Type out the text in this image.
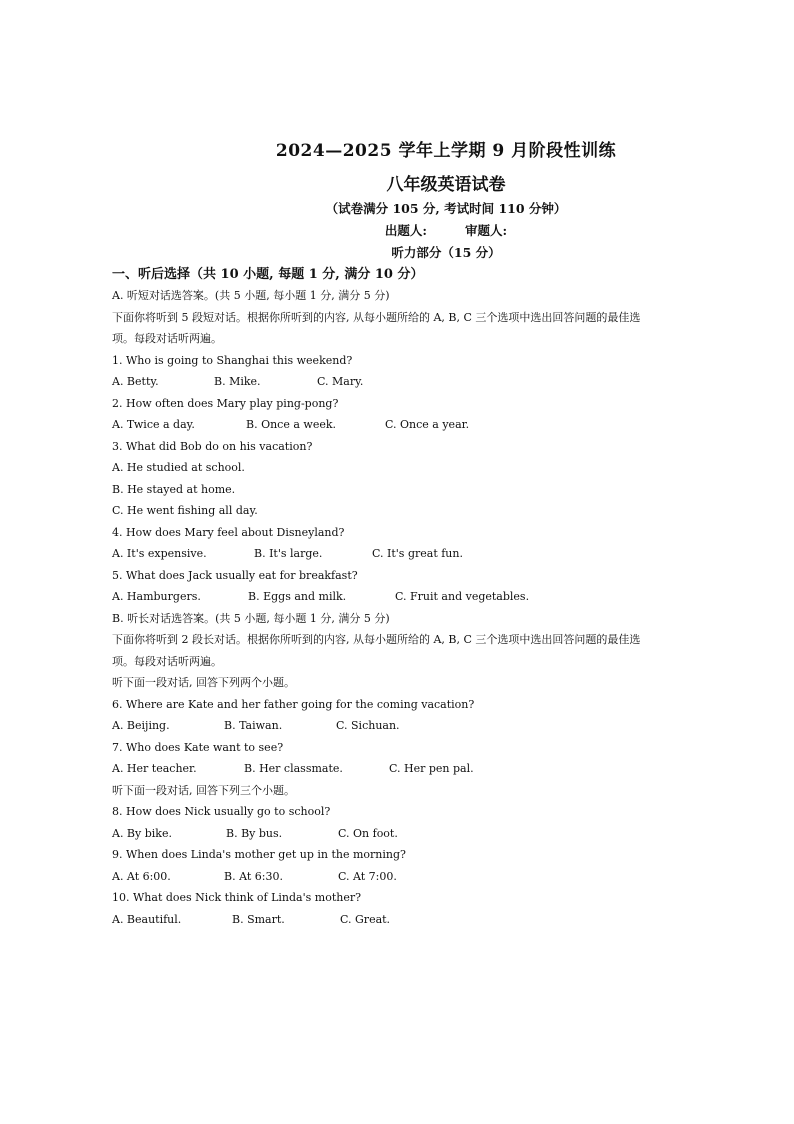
2024—2025 学年上学期 9 月阶段性训练
八年级英语试卷
（试卷满分 105 分, 考试时间 110 分钟）
出题人:	审题人:
听力部分（15 分）
一、听后选择（共 10 小题, 每题 1 分, 满分 10 分）
A. 听短对话选答案。(共 5 小题, 每小题 1 分, 满分 5 分)
下面你将听到 5 段短对话。根据你所听到的内容, 从每小题所给的 A, B, C 三个选项中选出回答问题的最佳选
项。每段对话听两遍。
1. Who is going to Shanghai this weekend?
A. Betty.	B. Mike.	C. Mary.
2. How often does Mary play ping-pong?
A. Twice a day.	B. Once a week.	C. Once a year.
3. What did Bob do on his vacation?
A. He studied at school.
B. He stayed at home.
C. He went fishing all day.
4. How does Mary feel about Disneyland?
A. It's expensive.	B. It's large.	C. It's great fun.
5. What does Jack usually eat for breakfast?
A. Hamburgers.	B. Eggs and milk.	C. Fruit and vegetables.
B. 听长对话选答案。(共 5 小题, 每小题 1 分, 满分 5 分)
下面你将听到 2 段长对话。根据你所听到的内容, 从每小题所给的 A, B, C 三个选项中选出回答问题的最佳选
项。每段对话听两遍。
听下面一段对话, 回答下列两个小题。
6. Where are Kate and her father going for the coming vacation?
A. Beijing.	B. Taiwan.	C. Sichuan.
7. Who does Kate want to see?
A. Her teacher.	B. Her classmate.	C. Her pen pal.
听下面一段对话, 回答下列三个小题。
8. How does Nick usually go to school?
A. By bike.	B. By bus.	C. On foot.
9. When does Linda's mother get up in the morning?
A. At 6:00.	B. At 6:30.	C. At 7:00.
10. What does Nick think of Linda's mother?
A. Beautiful.	B. Smart.	C. Great.
